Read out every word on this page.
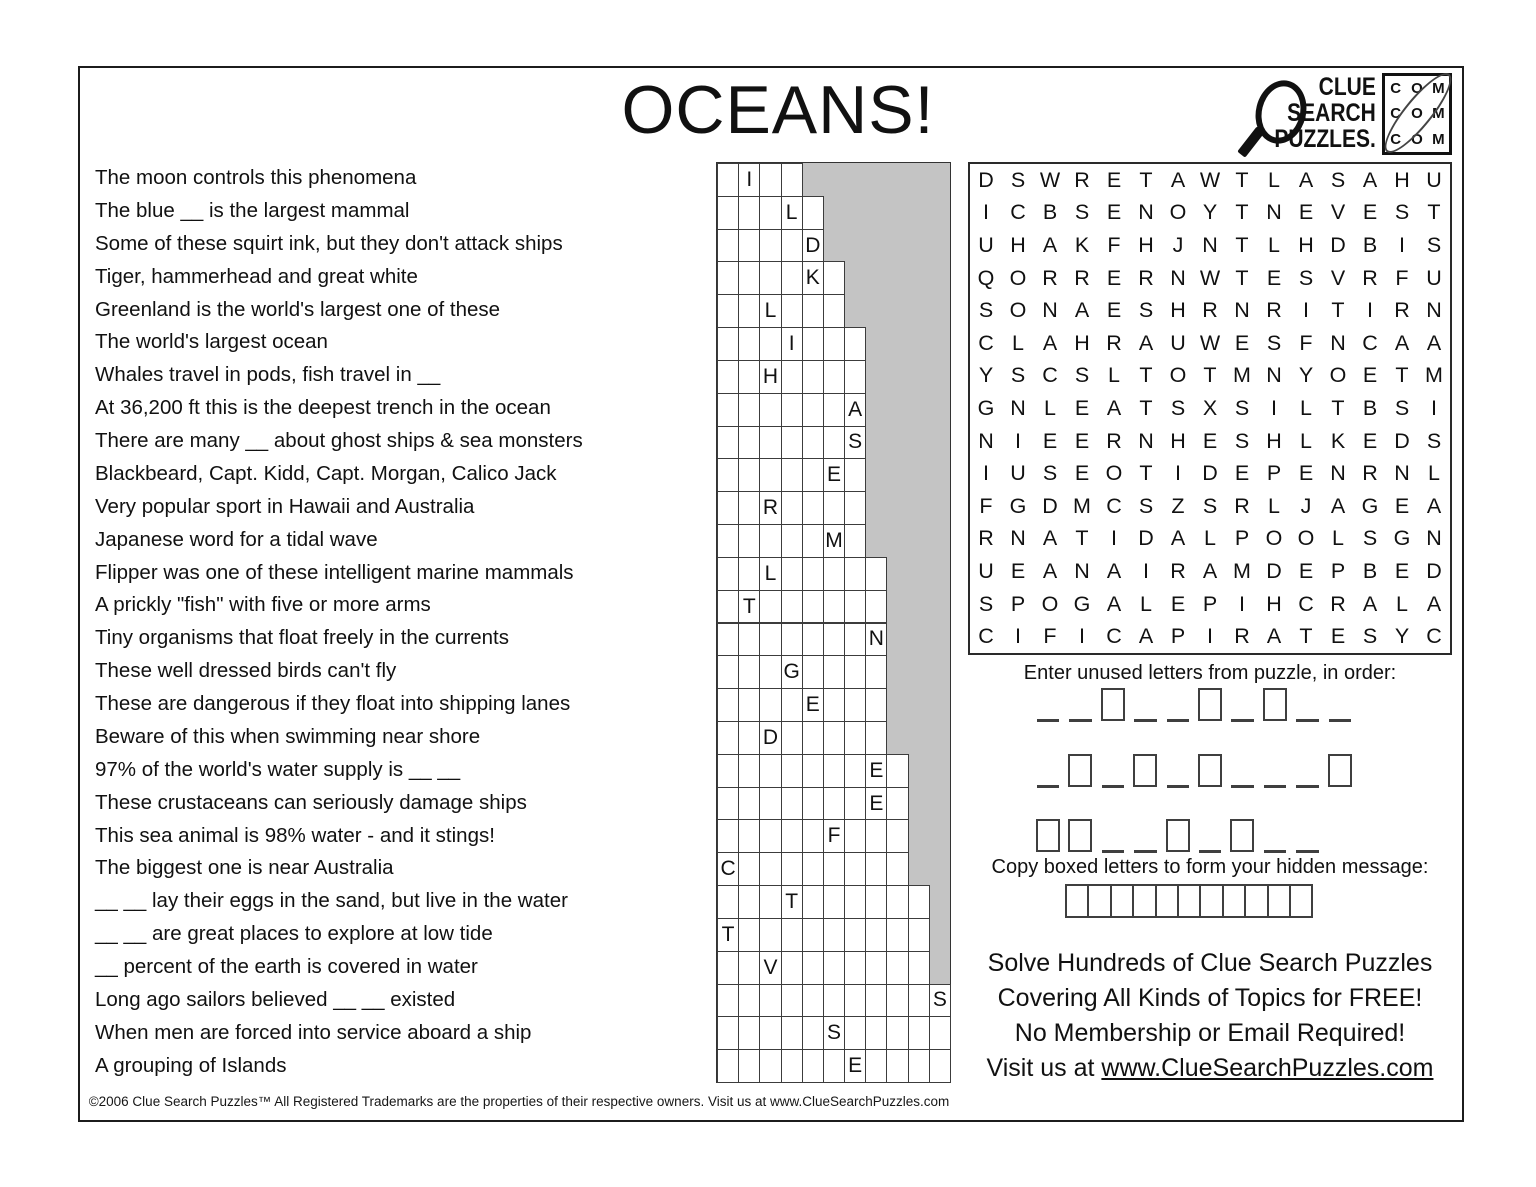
OCEANS!	CLUE
SEARCH
PUZZLES.
C O M
C O M
C O M
The moon controls this phenomena
The blue __ is the largest mammal
Some of these squirt ink, but they don't attack ships
Tiger, hammerhead and great white
Greenland is the world's largest one of these
The world's largest ocean
Whales travel in pods, fish travel in __
At 36,200 ft this is the deepest trench in the ocean
There are many __ about ghost ships & sea monsters
Blackbeard, Capt. Kidd, Capt. Morgan, Calico Jack
Very popular sport in Hawaii and Australia
Japanese word for a tidal wave
Flipper was one of these intelligent marine mammals
A prickly "fish" with five or more arms
Tiny organisms that float freely in the currents
These well dressed birds can't fly
These are dangerous if they float into shipping lanes
Beware of this when swimming near shore
97% of the world's water supply is __ __
These crustaceans can seriously damage ships
This sea animal is 98% water - and it stings!
The biggest one is near Australia
__ __ lay their eggs in the sand, but live in the water
__ __ are great places to explore at low tide
__ percent of the earth is covered in water
Long ago sailors believed __ __ existed
When men are forced into service aboard a ship
A grouping of Islands
I
L
D
K
L
I
H
A
S
E
R
M
L
T
N
G
E
D
E
E
F
C
T
T
V
S
S
E
D S W R E T A W T L A S A H U
I C B S E N O Y T N E V E S T
U H A K F H J N T L H D B	I	S
Q O R R E R N W T E S V R F U
S O N A E S H R N R I	T	I R N
C L A H R A U W E S F N C A A
Y S C S L T O T M N Y O E T M
G N L E A T S X S	I	L T B S	I
N I	E E R N H E S H L K E D S
I U S E O T	I D E P E N R N L
F G D M C S Z S R L J A G E A
R N A T	I D A L P O O L S G N
U E A N A	I R A M D E P B E D
S P O G A L E P	I H C R A L A
C I	F	I C A P	I R A T E S Y C
Enter unused letters from puzzle, in order:
Copy boxed letters to form your hidden message:
Solve Hundreds of Clue Search Puzzles
Covering All Kinds of Topics for FREE!
No Membership or Email Required!
Visit us at www.ClueSearchPuzzles.com
©2006 Clue Search Puzzles™ All Registered Trademarks are the properties of their respective owners. Visit us at www.ClueSearchPuzzles.com
